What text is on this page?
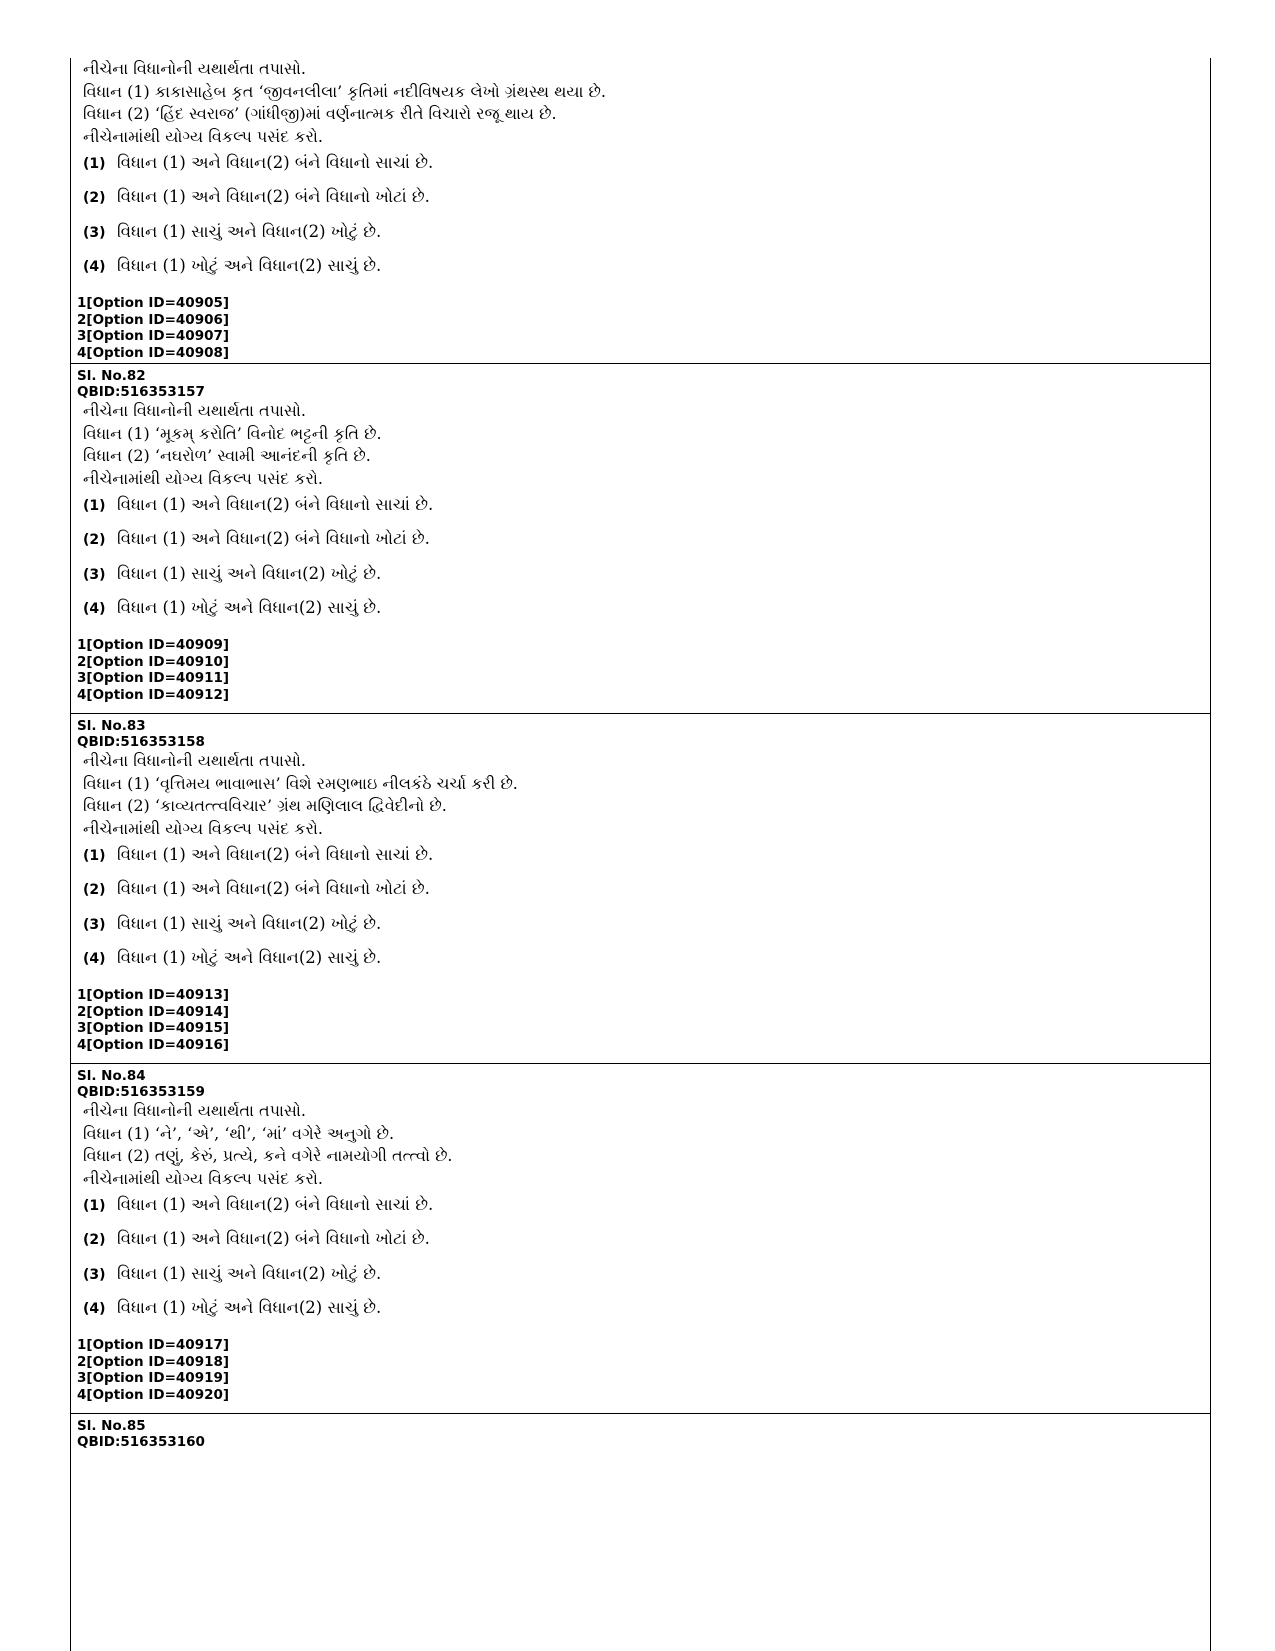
નીચેના વિધાનોની યથાર્થતા તપાસો.
વિધાન (1) કાકાસાહેબ કૃત ‘જીવનલીલા’ કૃતિમાં નદીવિષયક લેખો ગ્રંથસ્થ થયા છે.
વિધાન (2) ‘હિંદ સ્વરાજ’ (ગાંધીજી)માં વર્ણનાત્મક રીતે વિચારો રજૂ થાય છે.
નીચેનામાંથી યોગ્ય વિકલ્પ પસંદ કરો.
(1) વિધાન (1) અને વિધાન(2) બંને વિધાનો સાચાં છે.
(2) વિધાન (1) અને વિધાન(2) બંને વિધાનો ખોટાં છે.
(3) વિધાન (1) સાચું અને વિધાન(2) ખોટું છે.
(4) વિધાન (1) ખોટું અને વિધાન(2) સાચું છે.
1[Option ID=40905]
2[Option ID=40906]
3[Option ID=40907]
4[Option ID=40908]
Sl. No.82
QBID:516353157
નીચેના વિધાનોની યથાર્થતા તપાસો.
વિધાન (1) ‘મૂકમ્ કરોતિ’ વિનોદ ભટ્ટની કૃતિ છે.
વિધાન (2) ‘નઘરોળ’ સ્વામી આનંદની કૃતિ છે.
નીચેનામાંથી યોગ્ય વિકલ્પ પસંદ કરો.
(1) વિધાન (1) અને વિધાન(2) બંને વિધાનો સાચાં છે.
(2) વિધાન (1) અને વિધાન(2) બંને વિધાનો ખોટાં છે.
(3) વિધાન (1) સાચું અને વિધાન(2) ખોટું છે.
(4) વિધાન (1) ખોટું અને વિધાન(2) સાચું છે.
1[Option ID=40909]
2[Option ID=40910]
3[Option ID=40911]
4[Option ID=40912]
Sl. No.83
QBID:516353158
નીચેના વિધાનોની યથાર્થતા તપાસો.
વિધાન (1) ‘વૃત્તિમય ભાવાભાસ’ વિશે રમણભાઇ નીલકંઠે ચર્ચા કરી છે.
વિધાન (2) ‘કાવ્યતત્ત્વવિચાર’ ગ્રંથ મણિલાલ દ્વિવેદીનો છે.
નીચેનામાંથી યોગ્ય વિકલ્પ પસંદ કરો.
(1) વિધાન (1) અને વિધાન(2) બંને વિધાનો સાચાં છે.
(2) વિધાન (1) અને વિધાન(2) બંને વિધાનો ખોટાં છે.
(3) વિધાન (1) સાચું અને વિધાન(2) ખોટું છે.
(4) વિધાન (1) ખોટું અને વિધાન(2) સાચું છે.
1[Option ID=40913]
2[Option ID=40914]
3[Option ID=40915]
4[Option ID=40916]
Sl. No.84
QBID:516353159
નીચેના વિધાનોની યથાર્થતા તપાસો.
વિધાન (1) ‘ને’, ‘એ’, ‘થી’, ‘માં’ વગેરે અનુગો છે.
વિધાન (2) તણું, કેરું, પ્રત્યે, કને વગેરે નામયોગી તત્ત્વો છે.
નીચેનામાંથી યોગ્ય વિકલ્પ પસંદ કરો.
(1) વિધાન (1) અને વિધાન(2) બંને વિધાનો સાચાં છે.
(2) વિધાન (1) અને વિધાન(2) બંને વિધાનો ખોટાં છે.
(3) વિધાન (1) સાચું અને વિધાન(2) ખોટું છે.
(4) વિધાન (1) ખોટું અને વિધાન(2) સાચું છે.
1[Option ID=40917]
2[Option ID=40918]
3[Option ID=40919]
4[Option ID=40920]
Sl. No.85
QBID:516353160
